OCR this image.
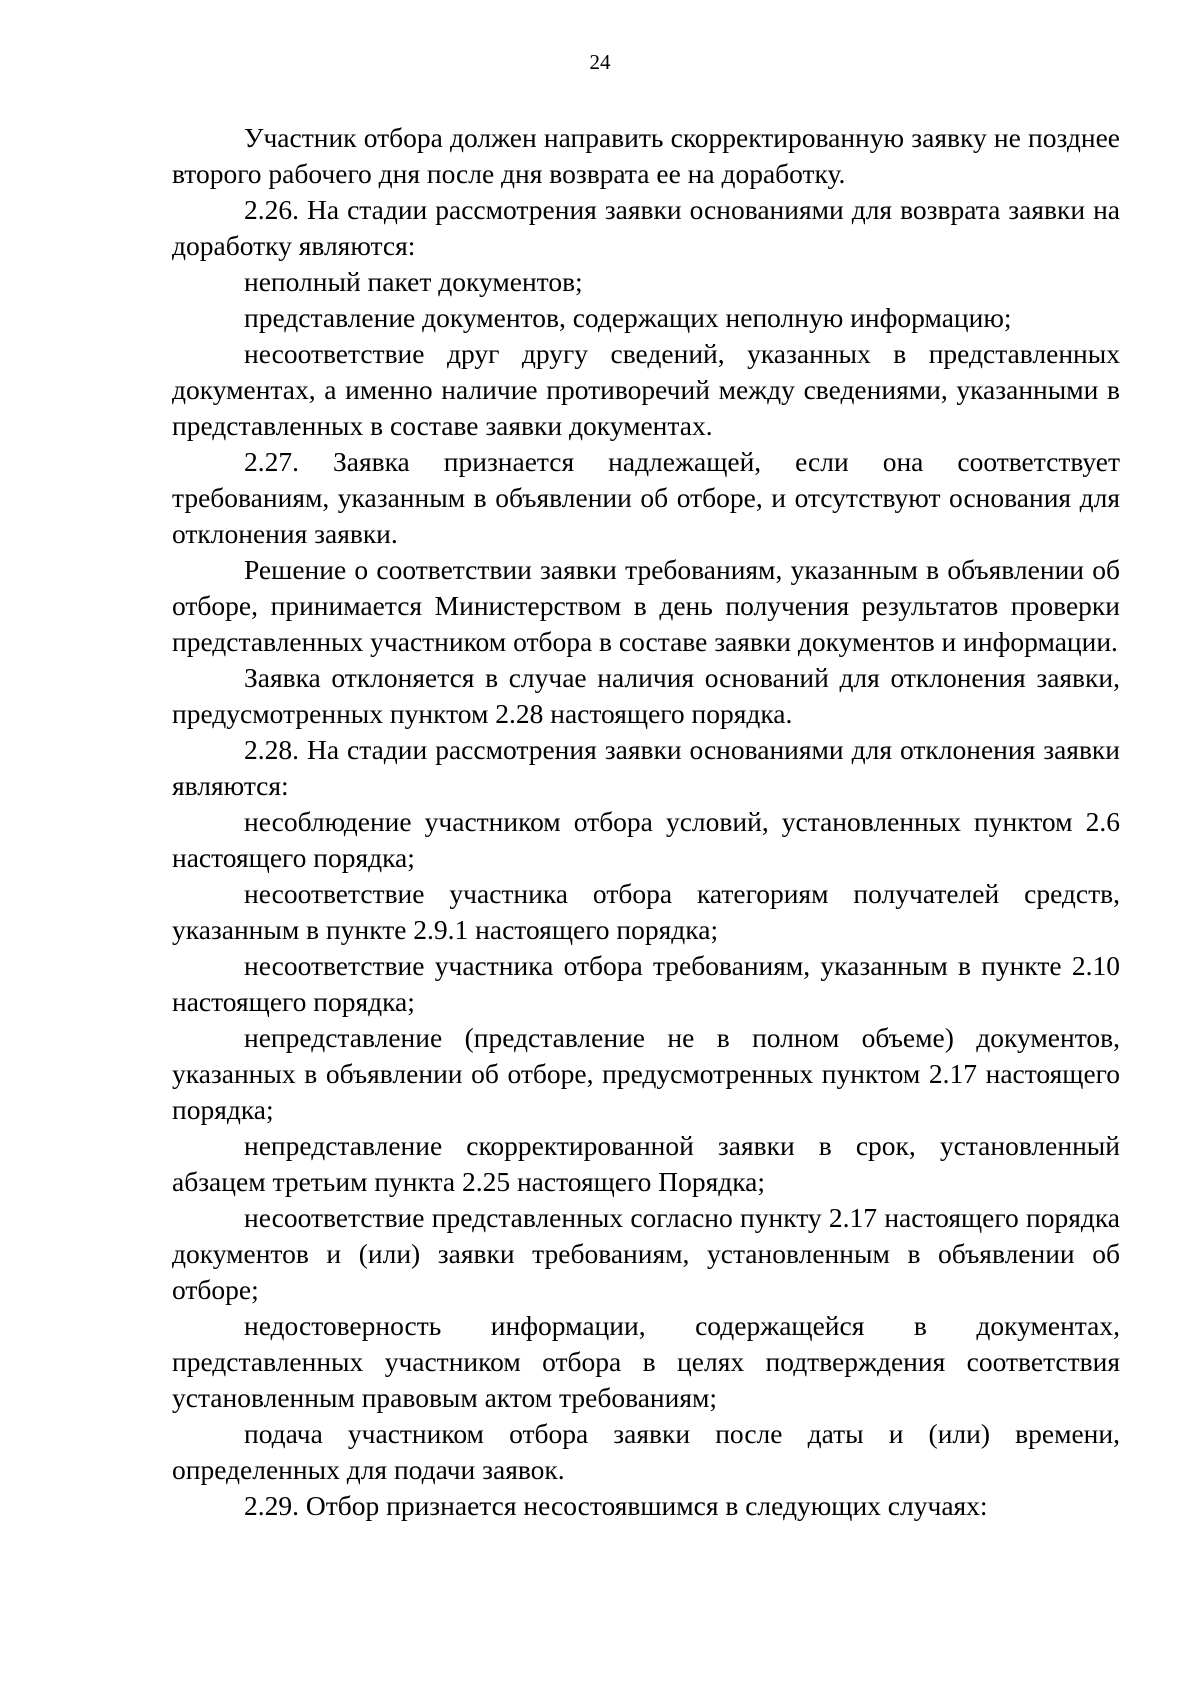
24

Участник отбора должен направить скорректированную заявку не позднее второго рабочего дня после дня возврата ее на доработку.

2.26. На стадии рассмотрения заявки основаниями для возврата заявки на доработку являются:

неполный пакет документов;

представление документов, содержащих неполную информацию;

несоответствие друг другу сведений, указанных в представленных документах, а именно наличие противоречий между сведениями, указанными в представленных в составе заявки документах.

2.27. Заявка признается надлежащей, если она соответствует требованиям, указанным в объявлении об отборе, и отсутствуют основания для отклонения заявки.

Решение о соответствии заявки требованиям, указанным в объявлении об отборе, принимается Министерством в день получения результатов проверки представленных участником отбора в составе заявки документов и информации.

Заявка отклоняется в случае наличия оснований для отклонения заявки, предусмотренных пунктом 2.28 настоящего порядка.

2.28. На стадии рассмотрения заявки основаниями для отклонения заявки являются:

несоблюдение участником отбора условий, установленных пунктом 2.6 настоящего порядка;

несоответствие участника отбора категориям получателей средств, указанным в пункте 2.9.1 настоящего порядка;

несоответствие участника отбора требованиям, указанным в пункте 2.10 настоящего порядка;

непредставление (представление не в полном объеме) документов, указанных в объявлении об отборе, предусмотренных пунктом 2.17 настоящего порядка;

непредставление скорректированной заявки в срок, установленный абзацем третьим пункта 2.25 настоящего Порядка;

несоответствие представленных согласно пункту 2.17 настоящего порядка документов и (или) заявки требованиям, установленным в объявлении об отборе;

недостоверность информации, содержащейся в документах, представленных участником отбора в целях подтверждения соответствия установленным правовым актом требованиям;

подача участником отбора заявки после даты и (или) времени, определенных для подачи заявок.

2.29. Отбор признается несостоявшимся в следующих случаях:
